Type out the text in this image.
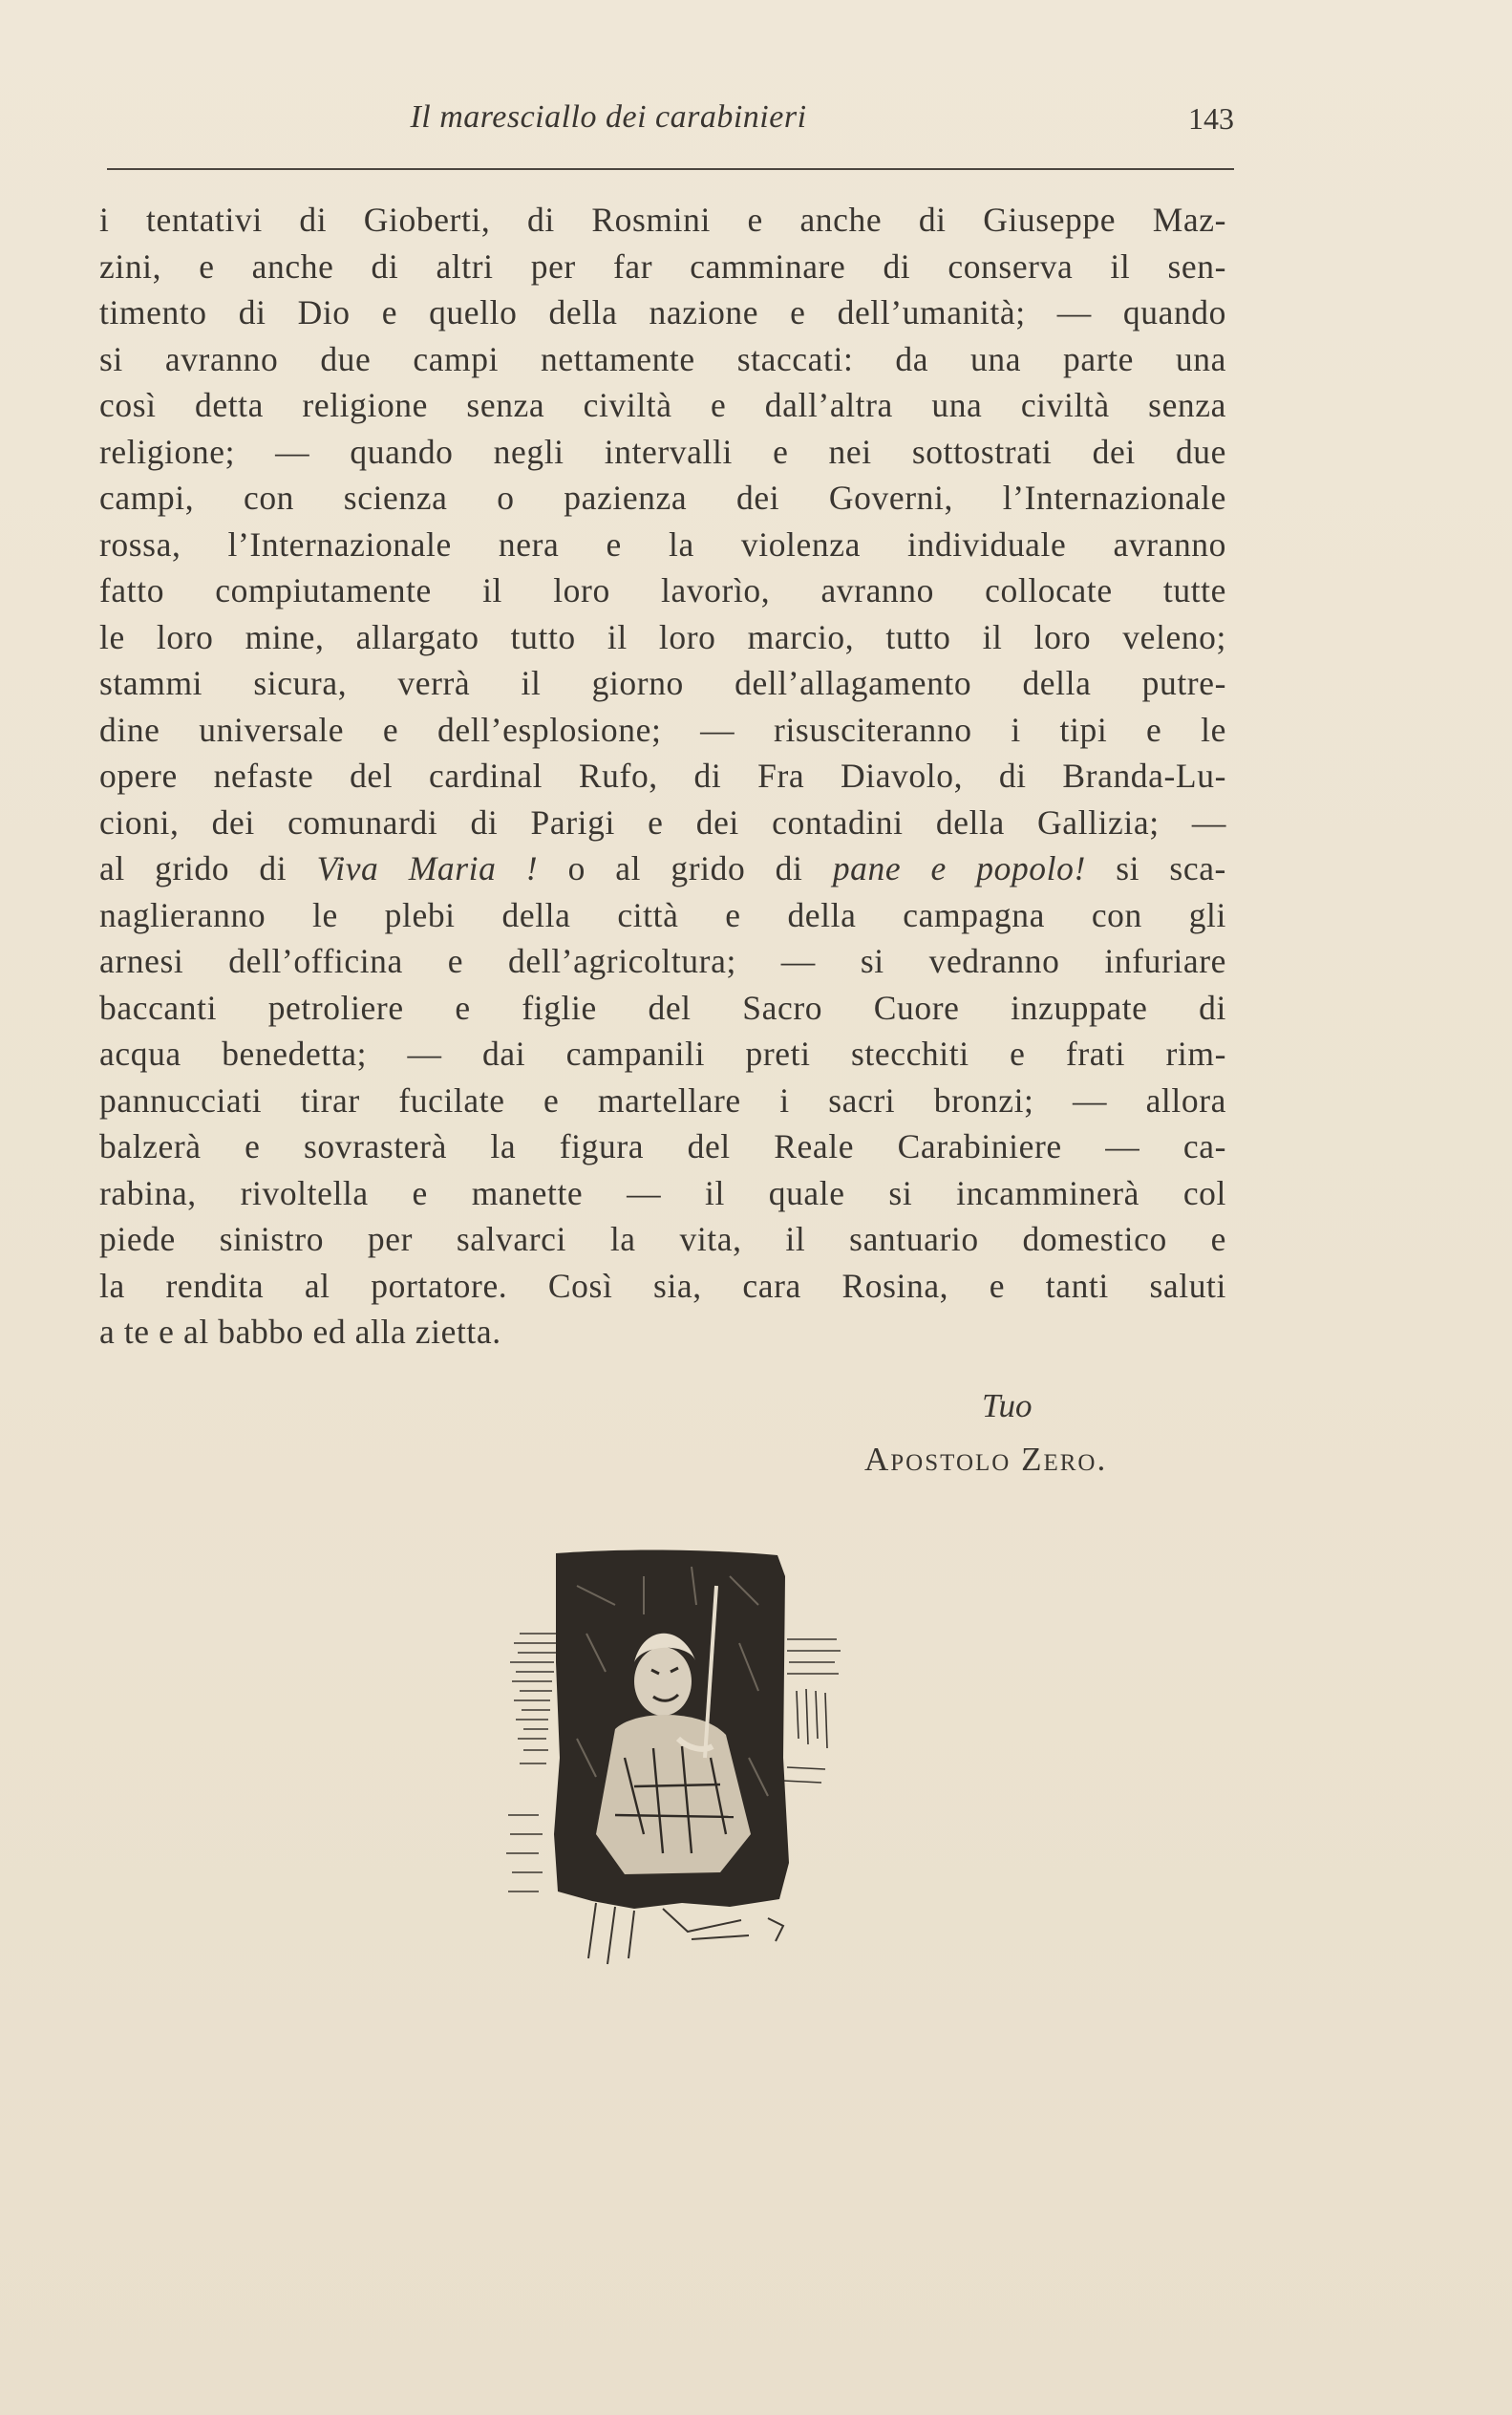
Il maresciallo dei carabinieri	143
i tentativi di Gioberti, di Rosmini e anche di Giuseppe Maz-
zini, e anche di altri per far camminare di conserva il sen-
timento di Dio e quello della nazione e dell’umanità; — quando
si avranno due campi nettamente staccati: da una parte una
così detta religione senza civiltà e dall’altra una civiltà senza
religione; — quando negli intervalli e nei sottostrati dei due
campi, con scienza o pazienza dei Governi, l’Internazionale
rossa, l’Internazionale nera e la violenza individuale avranno
fatto compiutamente il loro lavorìo, avranno collocate tutte
le loro mine, allargato tutto il loro marcio, tutto il loro veleno;
stammi sicura, verrà il giorno dell’allagamento della putre-
dine universale e dell’esplosione; — risusciteranno i tipi e le
opere nefaste del cardinal Rufo, di Fra Diavolo, di Branda-Lu-
cioni, dei comunardi di Parigi e dei contadini della Gallizia; —
al grido di Viva Maria ! o al grido di pane e popolo! si sca-
naglieranno le plebi della città e della campagna con gli
arnesi dell’officina e dell’agricoltura; — si vedranno infuriare
baccanti petroliere e figlie del Sacro Cuore inzuppate di
acqua benedetta; — dai campanili preti stecchiti e frati rim-
pannucciati tirar fucilate e martellare i sacri bronzi; — allora
balzerà e sovrasterà la figura del Reale Carabiniere — ca-
rabina, rivoltella e manette — il quale si incamminerà col
piede sinistro per salvarci la vita, il santuario domestico e
la rendita al portatore. Così sia, cara Rosina, e tanti saluti
a te e al babbo ed alla zietta.
Tuo
Apostolo Zero.
